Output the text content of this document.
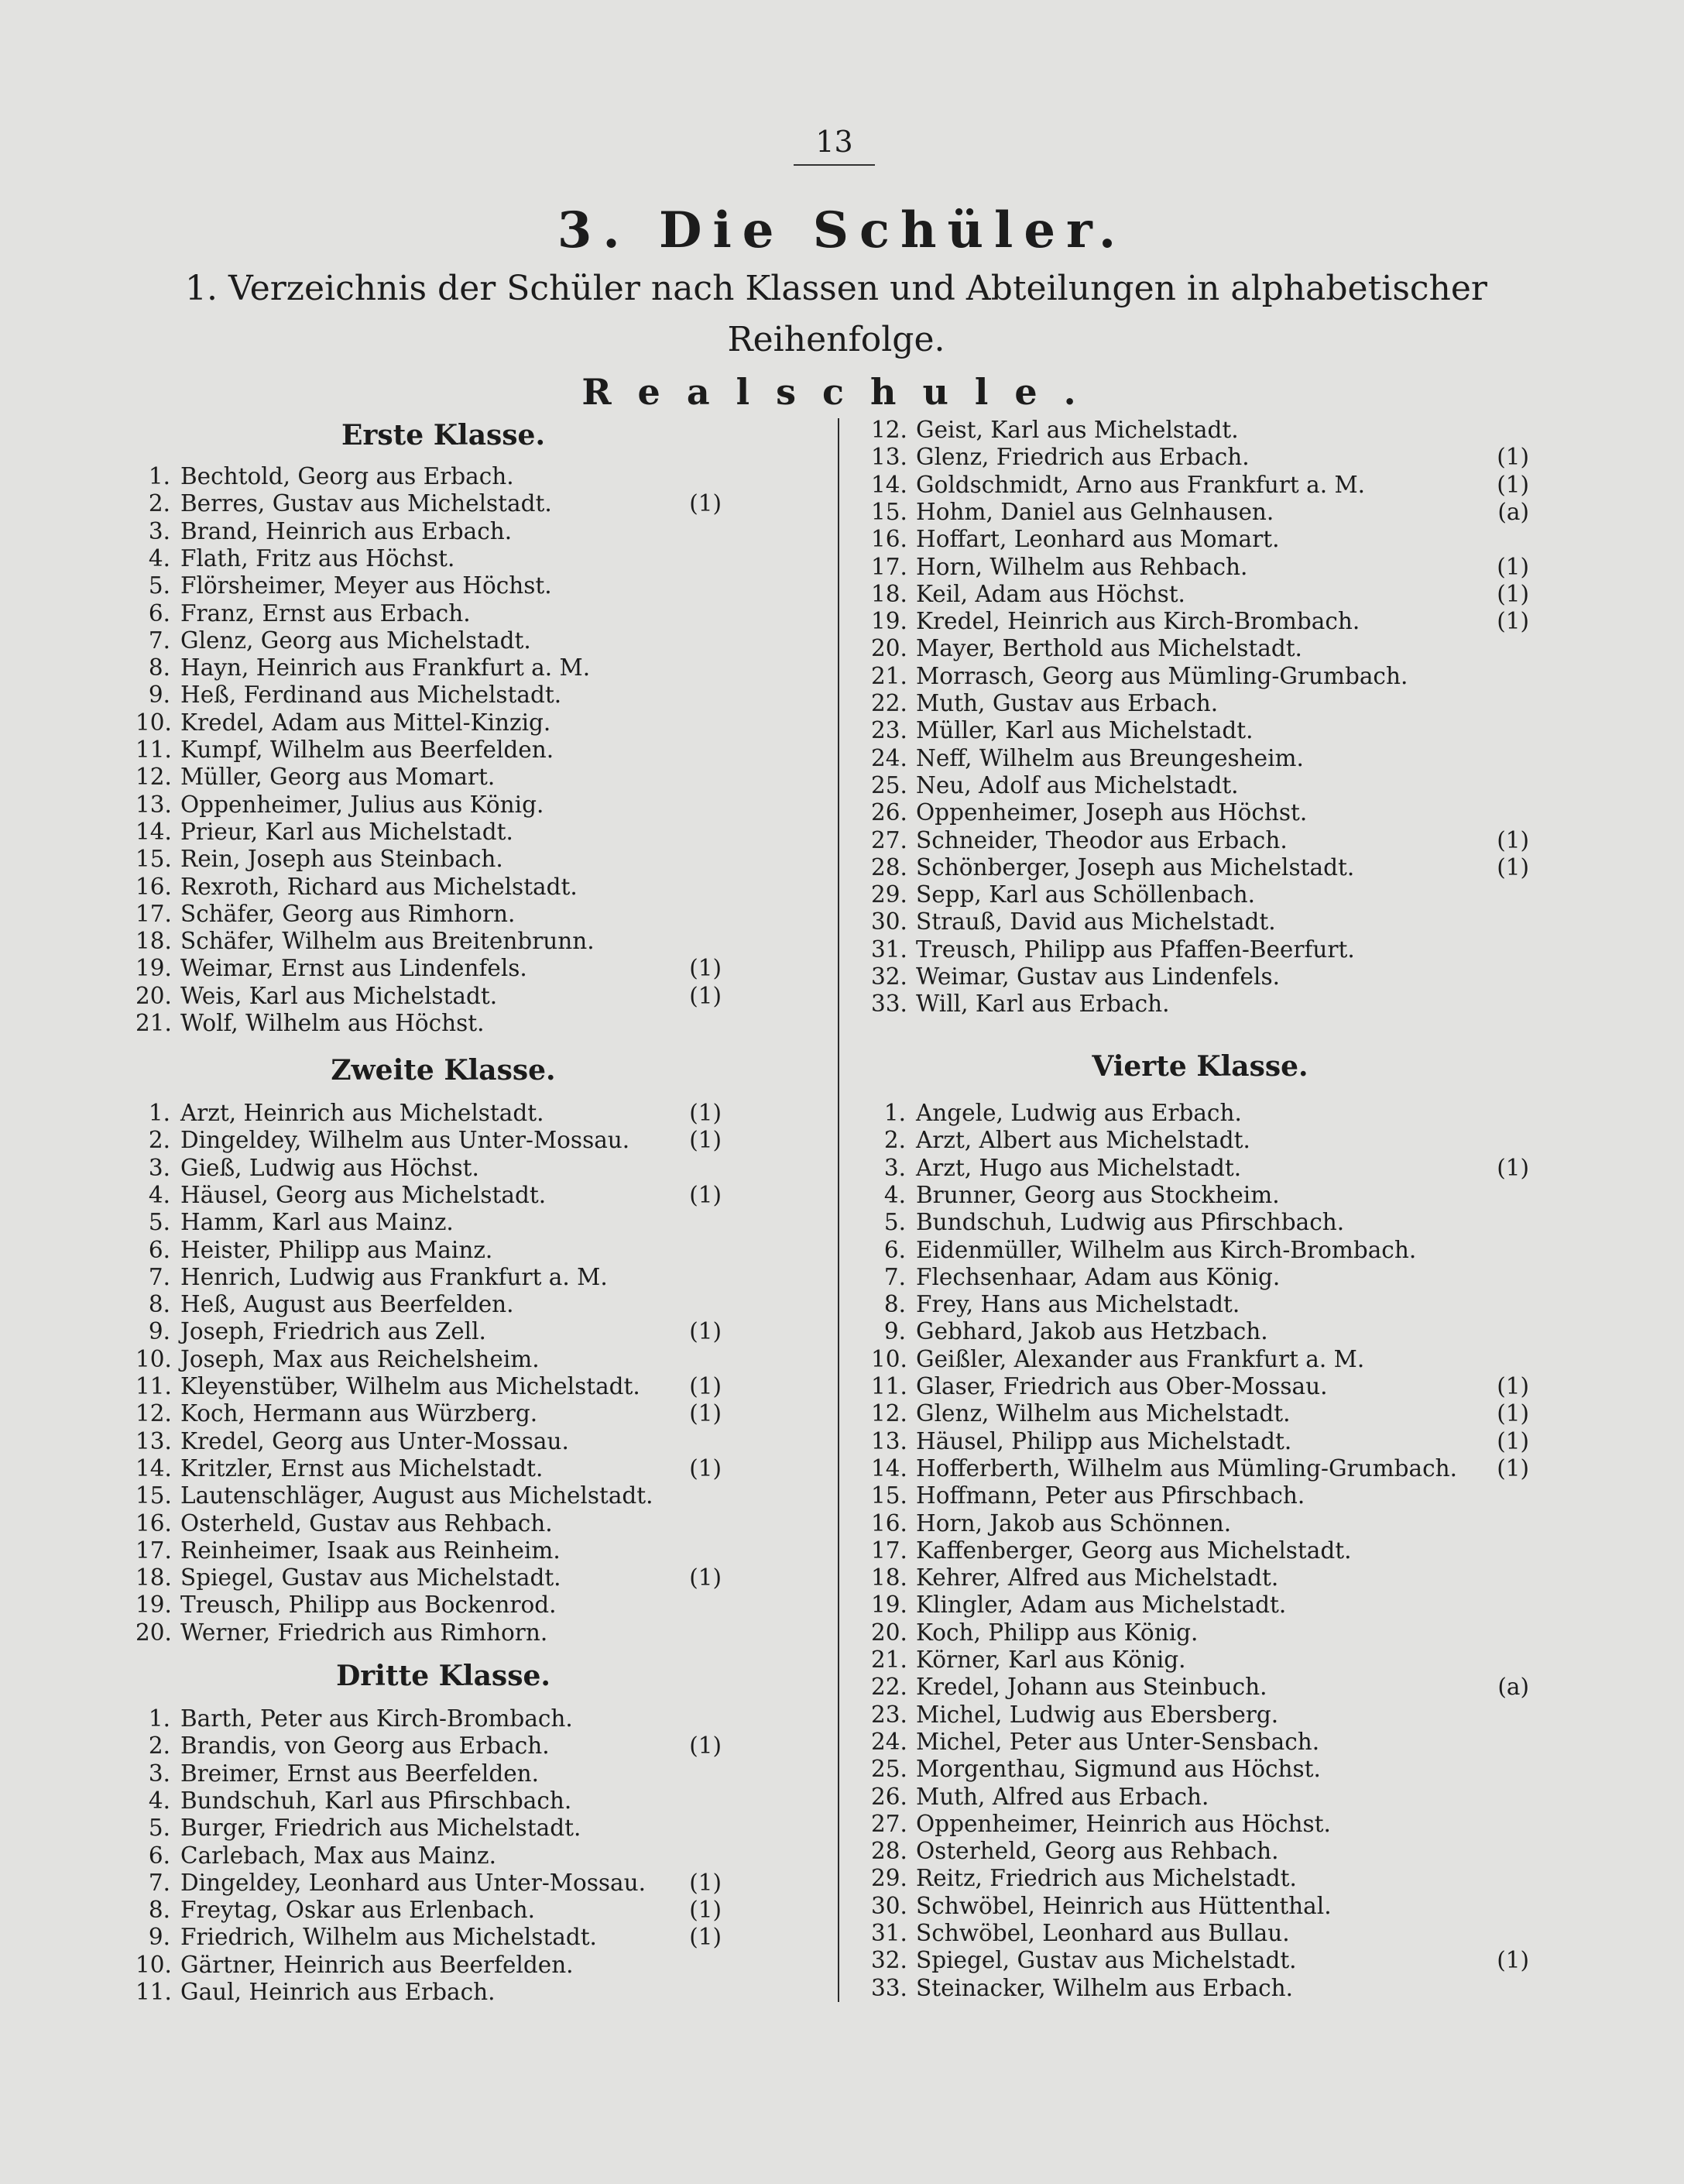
13
3. Die Schüler.
1. Verzeichnis der Schüler nach Klassen und Abteilungen in alphabetischer Reihenfolge.
Realschule.
Erste Klasse.
1. Bechtold, Georg aus Erbach.
2. Berres, Gustav aus Michelstadt.	(1)
3. Brand, Heinrich aus Erbach.
4. Flath, Fritz aus Höchst.
5. Flörsheimer, Meyer aus Höchst.
6. Franz, Ernst aus Erbach.
7. Glenz, Georg aus Michelstadt.
8. Hayn, Heinrich aus Frankfurt a. M.
9. Heß, Ferdinand aus Michelstadt.
10. Kredel, Adam aus Mittel-Kinzig.
11. Kumpf, Wilhelm aus Beerfelden.
12. Müller, Georg aus Momart.
13. Oppenheimer, Julius aus König.
14. Prieur, Karl aus Michelstadt.
15. Rein, Joseph aus Steinbach.
16. Rexroth, Richard aus Michelstadt.
17. Schäfer, Georg aus Rimhorn.
18. Schäfer, Wilhelm aus Breitenbrunn.
19. Weimar, Ernst aus Lindenfels.	(1)
20. Weis, Karl aus Michelstadt.	(1)
21. Wolf, Wilhelm aus Höchst.
Zweite Klasse.
1. Arzt, Heinrich aus Michelstadt.	(1)
2. Dingeldey, Wilhelm aus Unter-Mossau.	(1)
3. Gieß, Ludwig aus Höchst.
4. Häusel, Georg aus Michelstadt.	(1)
5. Hamm, Karl aus Mainz.
6. Heister, Philipp aus Mainz.
7. Henrich, Ludwig aus Frankfurt a. M.
8. Heß, August aus Beerfelden.
9. Joseph, Friedrich aus Zell.	(1)
10. Joseph, Max aus Reichelsheim.
11. Kleyenstüber, Wilhelm aus Michelstadt. (1)
12. Koch, Hermann aus Würzberg.	(1)
13. Kredel, Georg aus Unter-Mossau.
14. Kritzler, Ernst aus Michelstadt.	(1)
15. Lautenschläger, August aus Michelstadt.
16. Osterheld, Gustav aus Rehbach.
17. Reinheimer, Isaak aus Reinheim.
18. Spiegel, Gustav aus Michelstadt.	(1)
19. Treusch, Philipp aus Bockenrod.
20. Werner, Friedrich aus Rimhorn.
Dritte Klasse.
1. Barth, Peter aus Kirch-Brombach.
2. Brandis, von Georg aus Erbach.	(1)
3. Breimer, Ernst aus Beerfelden.
4. Bundschuh, Karl aus Pfirschbach.
5. Burger, Friedrich aus Michelstadt.
6. Carlebach, Max aus Mainz.
7. Dingeldey, Leonhard aus Unter-Mossau. (1)
8. Freytag, Oskar aus Erlenbach.	(1)
9. Friedrich, Wilhelm aus Michelstadt.	(1)
10. Gärtner, Heinrich aus Beerfelden.
11. Gaul, Heinrich aus Erbach.
12. Geist, Karl aus Michelstadt.
13. Glenz, Friedrich aus Erbach.	(1)
14. Goldschmidt, Arno aus Frankfurt a. M.	(1)
15. Hohm, Daniel aus Gelnhausen.	(a)
16. Hoffart, Leonhard aus Momart.
17. Horn, Wilhelm aus Rehbach.	(1)
18. Keil, Adam aus Höchst.	(1)
19. Kredel, Heinrich aus Kirch-Brombach.	(1)
20. Mayer, Berthold aus Michelstadt.
21. Morrasch, Georg aus Mümling-Grumbach.
22. Muth, Gustav aus Erbach.
23. Müller, Karl aus Michelstadt.
24. Neff, Wilhelm aus Breungesheim.
25. Neu, Adolf aus Michelstadt.
26. Oppenheimer, Joseph aus Höchst.
27. Schneider, Theodor aus Erbach.	(1)
28. Schönberger, Joseph aus Michelstadt.	(1)
29. Sepp, Karl aus Schöllenbach.
30. Strauß, David aus Michelstadt.
31. Treusch, Philipp aus Pfaffen-Beerfurt.
32. Weimar, Gustav aus Lindenfels.
33. Will, Karl aus Erbach.
Vierte Klasse.
1. Angele, Ludwig aus Erbach.
2. Arzt, Albert aus Michelstadt.
3. Arzt, Hugo aus Michelstadt.	(1)
4. Brunner, Georg aus Stockheim.
5. Bundschuh, Ludwig aus Pfirschbach.
6. Eidenmüller, Wilhelm aus Kirch-Brombach.
7. Flechsenhaar, Adam aus König.
8. Frey, Hans aus Michelstadt.
9. Gebhard, Jakob aus Hetzbach.
10. Geißler, Alexander aus Frankfurt a. M.
11. Glaser, Friedrich aus Ober-Mossau.	(1)
12. Glenz, Wilhelm aus Michelstadt.	(1)
13. Häusel, Philipp aus Michelstadt.	(1)
14. Hofferberth, Wilhelm aus Mümling-Grumbach. (1)
15. Hoffmann, Peter aus Pfirschbach.
16. Horn, Jakob aus Schönnen.
17. Kaffenberger, Georg aus Michelstadt.
18. Kehrer, Alfred aus Michelstadt.
19. Klingler, Adam aus Michelstadt.
20. Koch, Philipp aus König.
21. Körner, Karl aus König.
22. Kredel, Johann aus Steinbuch.	(a)
23. Michel, Ludwig aus Ebersberg.
24. Michel, Peter aus Unter-Sensbach.
25. Morgenthau, Sigmund aus Höchst.
26. Muth, Alfred aus Erbach.
27. Oppenheimer, Heinrich aus Höchst.
28. Osterheld, Georg aus Rehbach.
29. Reitz, Friedrich aus Michelstadt.
30. Schwöbel, Heinrich aus Hüttenthal.
31. Schwöbel, Leonhard aus Bullau.
32. Spiegel, Gustav aus Michelstadt.	(1)
33. Steinacker, Wilhelm aus Erbach.
